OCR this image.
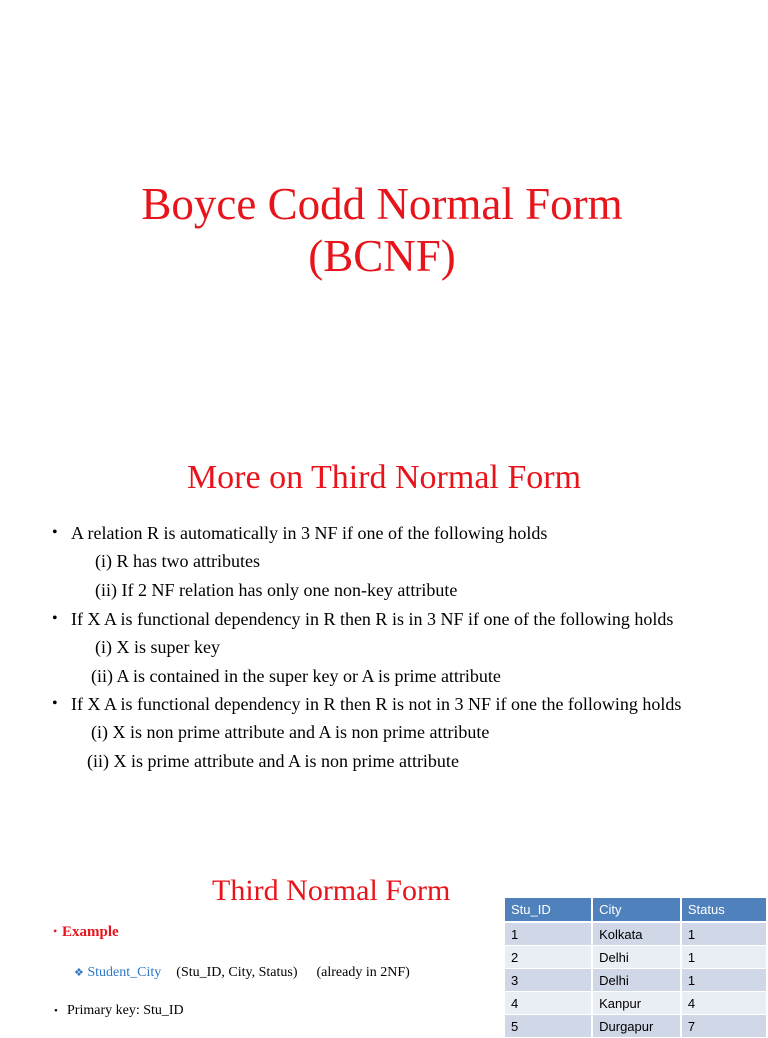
Boyce Codd Normal Form
(BCNF)
More on Third Normal Form
• A relation R is automatically in 3 NF if one of the following holds
(i) R has two attributes
(ii) If 2 NF relation has only one non-key attribute
• If X A is functional dependency in R then R is in 3 NF if one of the following holds
(i) X is super key
(ii) A is contained in the super key or A is prime attribute
• If X A is functional dependency in R then R is not in 3 NF if one the following holds
(i) X is non prime attribute and A is non prime attribute
(ii) X is prime attribute and A is non prime attribute
Third Normal Form
• Example
❖ Student_City (Stu_ID, City, Status) (already in 2NF)
• Primary key: Stu_ID
Stu_ID	City	Status
1	Kolkata	1
2	Delhi	1
3	Delhi	1
4	Kanpur	4
5	Durgapur	7
